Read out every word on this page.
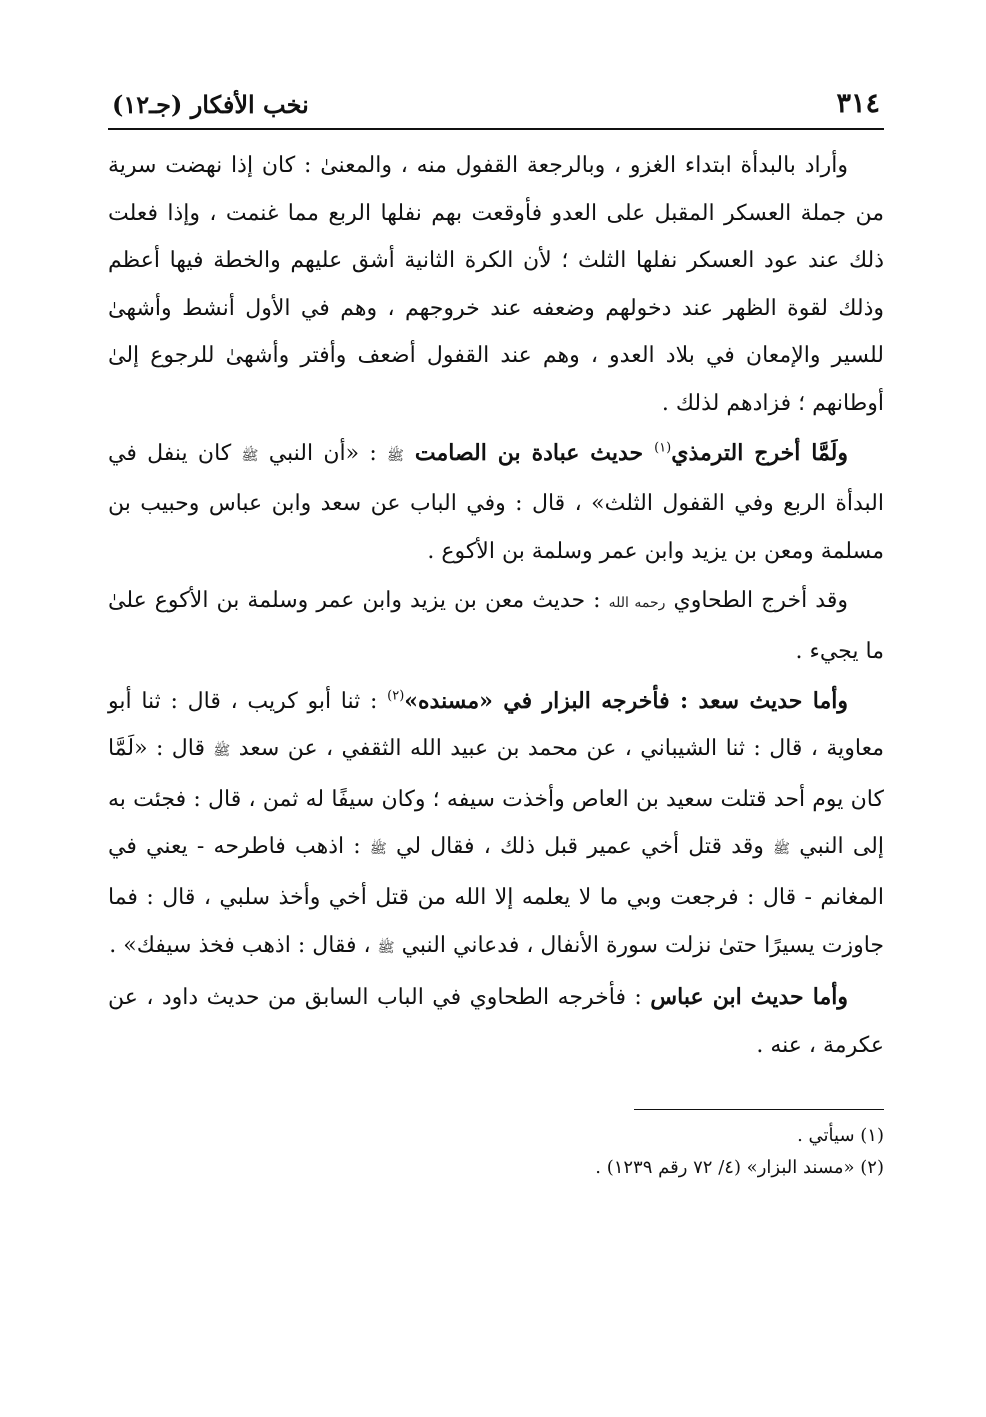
٣١٤
نخب الأفكار (جـ١٢)

وأراد بالبدأة ابتداء الغزو ، وبالرجعة القفول منه ، والمعنىٰ : كان إذا نهضت سرية من جملة العسكر المقبل على العدو فأوقعت بهم نفلها الربع مما غنمت ، وإذا فعلت ذلك عند عود العسكر نفلها الثلث ؛ لأن الكرة الثانية أشق عليهم والخطة فيها أعظم وذلك لقوة الظهر عند دخولهم وضعفه عند خروجهم ، وهم في الأول أنشط وأشهىٰ للسير والإمعان في بلاد العدو ، وهم عند القفول أضعف وأفتر وأشهىٰ للرجوع إلىٰ أوطانهم ؛ فزادهم لذلك .

ولَمَّا أخرج الترمذي$^{(١)}$ حديث عبادة بن الصامت ﷺ : «أن النبي ﷺ كان ينفل في البدأة الربع وفي القفول الثلث» ، قال : وفي الباب عن سعد وابن عباس وحبيب بن مسلمة ومعن بن يزيد وابن عمر وسلمة بن الأكوع .

وقد أخرج الطحاوي رحمه الله : حديث معن بن يزيد وابن عمر وسلمة بن الأكوع علىٰ ما يجيء .

وأما حديث سعد : فأخرجه البزار في «مسنده»$^{(٢)}$ : ثنا أبو كريب ، قال : ثنا أبو معاوية ، قال : ثنا الشيباني ، عن محمد بن عبيد الله الثقفي ، عن سعد ﷺ قال : «لَمَّا كان يوم أحد قتلت سعيد بن العاص وأخذت سيفه ؛ وكان سيفًا له ثمن ، قال : فجئت به إلى النبي ﷺ وقد قتل أخي عمير قبل ذلك ، فقال لي ﷺ : اذهب فاطرحه - يعني في المغانم - قال : فرجعت وبي ما لا يعلمه إلا الله من قتل أخي وأخذ سلبي ، قال : فما جاوزت يسيرًا حتىٰ نزلت سورة الأنفال ، فدعاني النبي ﷺ ، فقال : اذهب فخذ سيفك» .

وأما حديث ابن عباس : فأخرجه الطحاوي في الباب السابق من حديث داود ، عن عكرمة ، عنه .

(١) سيأتي .

(٢) «مسند البزار» (٤/ ٧٢ رقم ١٢٣٩) .
